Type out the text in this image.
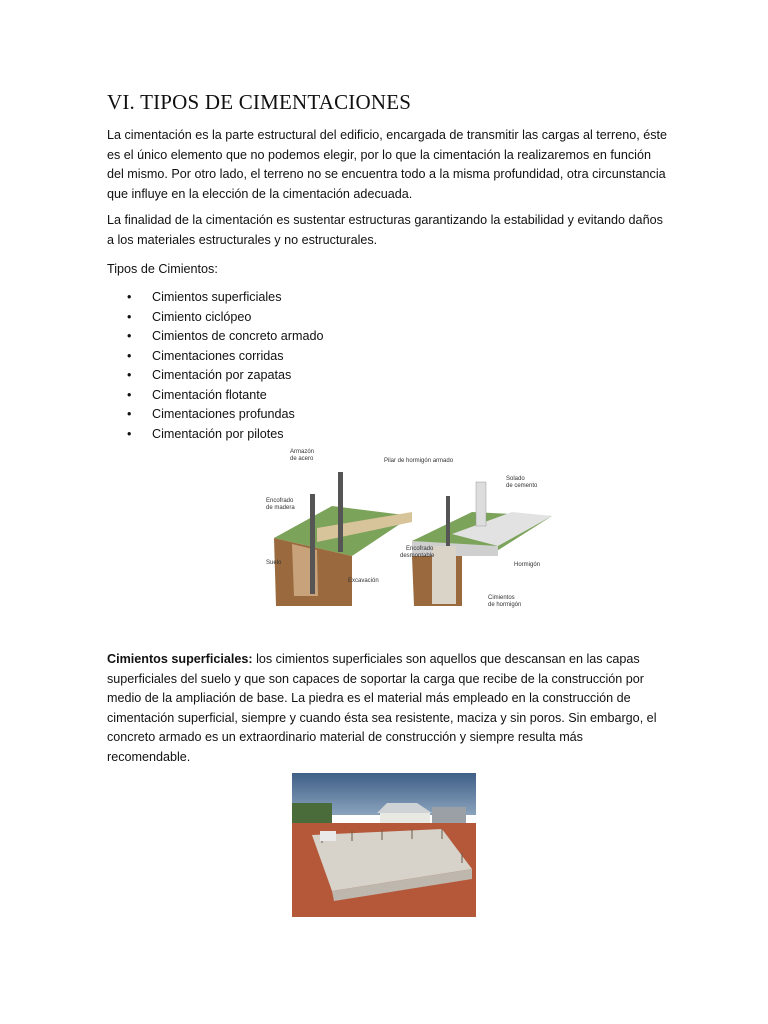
VI. TIPOS DE CIMENTACIONES

La cimentación es la parte estructural del edificio, encargada de transmitir las cargas al terreno, éste es el único elemento que no podemos elegir, por lo que la cimentación la realizaremos en función del mismo. Por otro lado, el terreno no se encuentra todo a la misma profundidad, otra circunstancia que influye en la elección de la cimentación adecuada.

La finalidad de la cimentación es sustentar estructuras garantizando la estabilidad y evitando daños a los materiales estructurales y no estructurales.

Tipos de Cimientos:

• Cimientos superficiales
• Cimiento ciclópeo
• Cimientos de concreto armado
• Cimentaciones corridas
• Cimentación por zapatas
• Cimentación flotante
• Cimentaciones profundas
• Cimentación por pilotes

Cimientos superficiales: los cimientos superficiales son aquellos que descansan en las capas superficiales del suelo y que son capaces de soportar la carga que recibe de la construcción por medio de la ampliación de base. La piedra es el material más empleado en la construcción de cimentación superficial, siempre y cuando ésta sea resistente, maciza y sin poros. Sin embargo, el concreto armado es un extraordinario material de construcción y siempre resulta más recomendable.

Armazón
de acero
Encofrado
de madera
Suelo
Excavación
Pilar de hormigón armado
Solado
de cemento
Encofrado
desmontable
Hormigón
Cimientos
de hormigón
